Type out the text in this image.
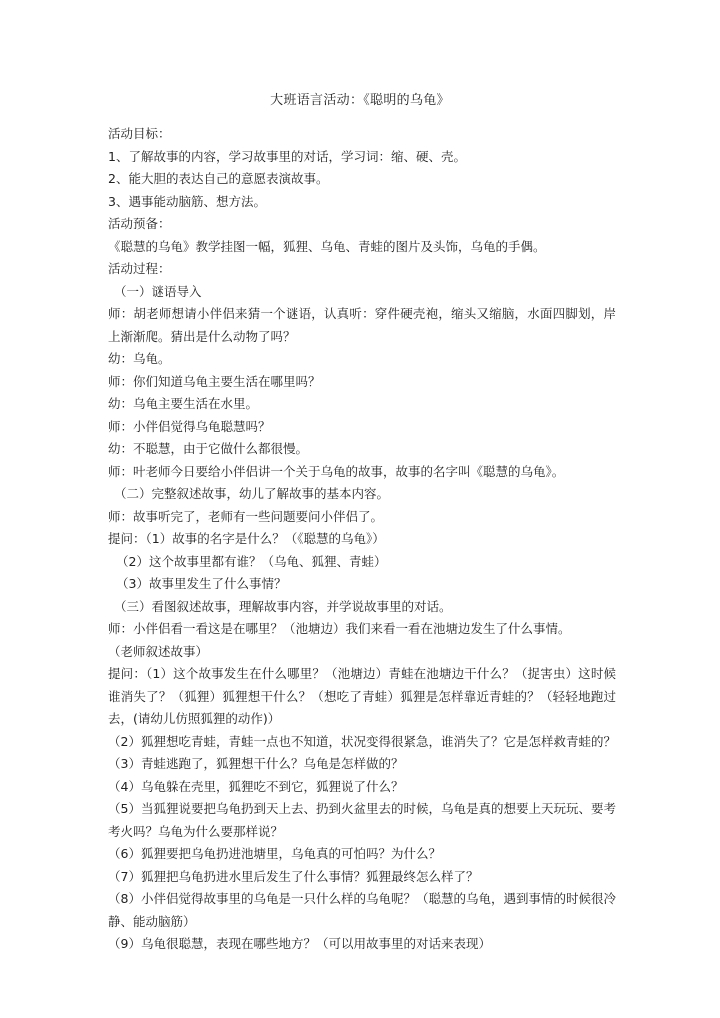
大班语言活动：《聪明的乌龟》

活动目标：

1、了解故事的内容，学习故事里的对话，学习词：缩、硬、壳。

2、能大胆的表达自己的意愿表演故事。

3、遇事能动脑筋、想方法。

活动预备：

《聪慧的乌龟》教学挂图一幅，狐狸、乌龟、青蛙的图片及头饰，乌龟的手偶。

活动过程：

（一）谜语导入

师：胡老师想请小伴侣来猜一个谜语，认真听：穿件硬壳袍，缩头又缩脑，水面四脚划，岸上渐渐爬。猜出是什么动物了吗？

幼：乌龟。

师：你们知道乌龟主要生活在哪里吗？

幼：乌龟主要生活在水里。

师：小伴侣觉得乌龟聪慧吗？

幼：不聪慧，由于它做什么都很慢。

师：叶老师今日要给小伴侣讲一个关于乌龟的故事，故事的名字叫《聪慧的乌龟》。

（二）完整叙述故事，幼儿了解故事的基本内容。

师：故事听完了，老师有一些问题要问小伴侣了。

提问：（1）故事的名字是什么？（《聪慧的乌龟》）

（2）这个故事里都有谁？（乌龟、狐狸、青蛙）

（3）故事里发生了什么事情？

（三）看图叙述故事，理解故事内容，并学说故事里的对话。

师：小伴侣看一看这是在哪里？（池塘边）我们来看一看在池塘边发生了什么事情。

（老师叙述故事）

提问：（1）这个故事发生在什么哪里？（池塘边）青蛙在池塘边干什么？（捉害虫）这时候谁消失了？（狐狸）狐狸想干什么？（想吃了青蛙）狐狸是怎样靠近青蛙的？（轻轻地跑过去，(请幼儿仿照狐狸的动作)）

（2）狐狸想吃青蛙，青蛙一点也不知道，状况变得很紧急，谁消失了？它是怎样救青蛙的？

（3）青蛙逃跑了，狐狸想干什么？乌龟是怎样做的？

（4）乌龟躲在壳里，狐狸吃不到它，狐狸说了什么？

（5）当狐狸说要把乌龟扔到天上去、扔到火盆里去的时候，乌龟是真的想要上天玩玩、要考考火吗？乌龟为什么要那样说？

（6）狐狸要把乌龟扔进池塘里，乌龟真的可怕吗？为什么？

（7）狐狸把乌龟扔进水里后发生了什么事情？狐狸最终怎么样了？

（8）小伴侣觉得故事里的乌龟是一只什么样的乌龟呢？（聪慧的乌龟，遇到事情的时候很冷静、能动脑筋）

（9）乌龟很聪慧，表现在哪些地方？（可以用故事里的对话来表现）
